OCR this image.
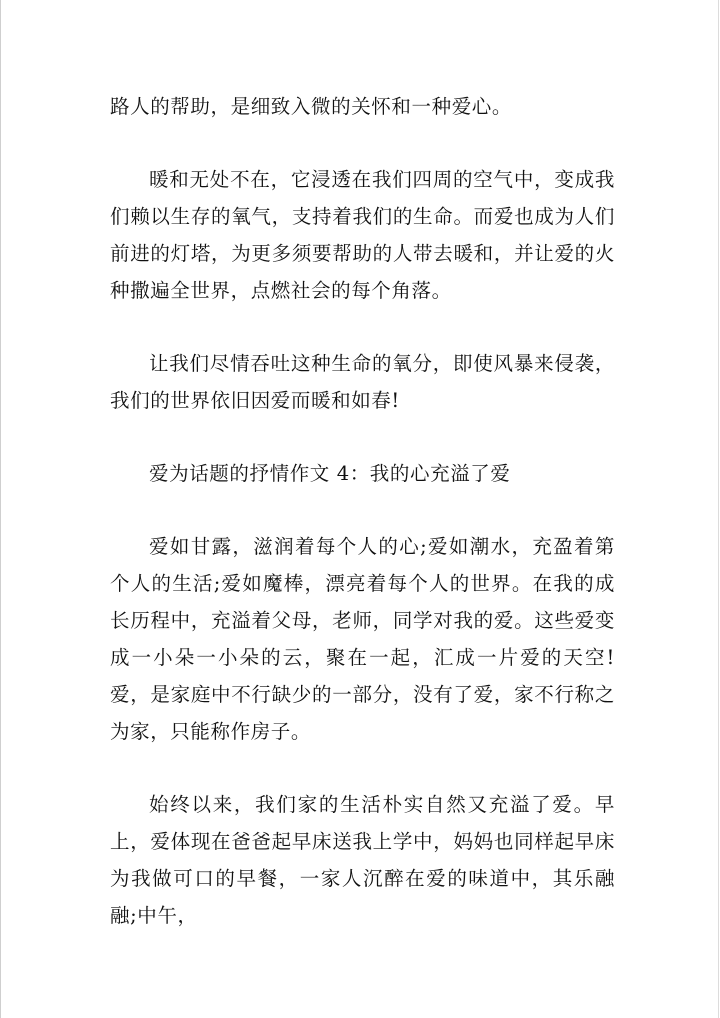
路人的帮助，是细致入微的关怀和一种爱心。

暖和无处不在，它浸透在我们四周的空气中，变成我们赖以生存的氧气，支持着我们的生命。而爱也成为人们前进的灯塔，为更多须要帮助的人带去暖和，并让爱的火种撒遍全世界，点燃社会的每个角落。

让我们尽情吞吐这种生命的氧分，即使风暴来侵袭，我们的世界依旧因爱而暖和如春!

爱为话题的抒情作文 4：我的心充溢了爱

爱如甘露，滋润着每个人的心;爱如潮水，充盈着第个人的生活;爱如魔棒，漂亮着每个人的世界。在我的成长历程中，充溢着父母，老师，同学对我的爱。这些爱变成一小朵一小朵的云，聚在一起，汇成一片爱的天空!爱，是家庭中不行缺少的一部分，没有了爱，家不行称之为家，只能称作房子。

始终以来，我们家的生活朴实自然又充溢了爱。早上，爱体现在爸爸起早床送我上学中，妈妈也同样起早床为我做可口的早餐，一家人沉醉在爱的味道中，其乐融融;中午，
